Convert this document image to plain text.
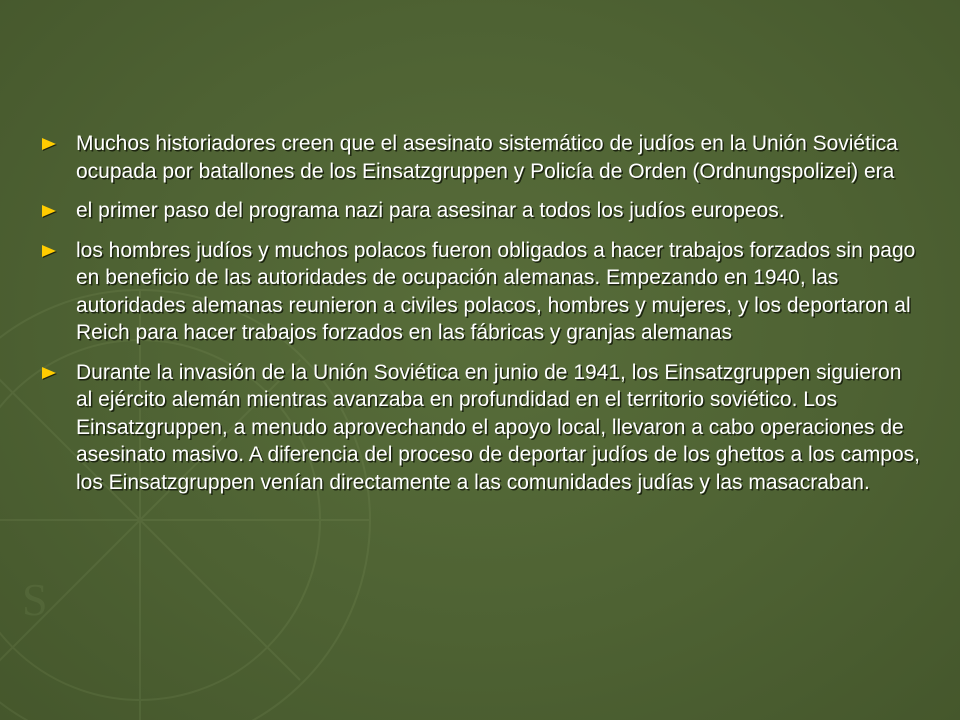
S
Muchos historiadores creen que el asesinato sistemático de judíos en la Unión Soviética ocupada por batallones de los Einsatzgruppen y Policía de Orden (Ordnungspolizei) era
el primer paso del programa nazi para asesinar a todos los judíos europeos.
los hombres judíos y muchos polacos fueron obligados a hacer trabajos forzados sin pago en beneficio de las autoridades de ocupación alemanas. Empezando en 1940, las autoridades alemanas reunieron a civiles polacos, hombres y mujeres, y los deportaron al Reich para hacer trabajos forzados en las fábricas y granjas alemanas
Durante la invasión de la Unión Soviética en junio de 1941, los Einsatzgruppen siguieron al ejército alemán mientras avanzaba en profundidad en el territorio soviético. Los Einsatzgruppen, a menudo aprovechando el apoyo local, llevaron a cabo operaciones de asesinato masivo. A diferencia del proceso de deportar judíos de los ghettos a los campos, los Einsatzgruppen venían directamente a las comunidades judías y las masacraban.
